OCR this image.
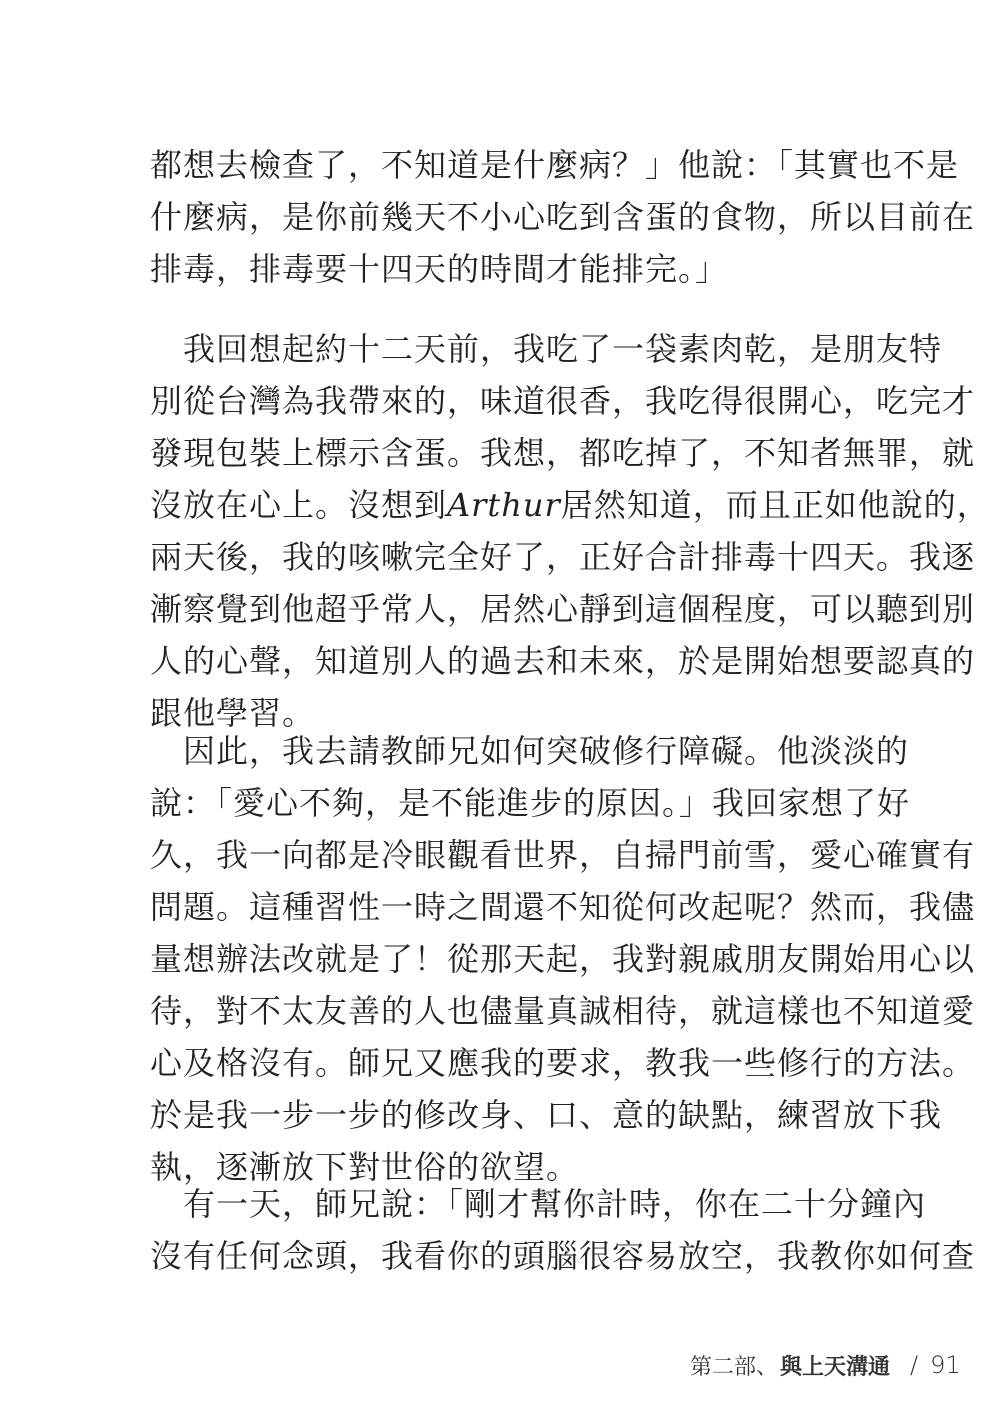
都想去檢查了，不知道是什麼病？」他說：「其實也不是
什麼病，是你前幾天不小心吃到含蛋的食物，所以目前在
排毒，排毒要十四天的時間才能排完。」
　我回想起約十二天前，我吃了一袋素肉乾，是朋友特
別從台灣為我帶來的，味道很香，我吃得很開心，吃完才
發現包裝上標示含蛋。我想，都吃掉了，不知者無罪，就
沒放在心上。沒想到Arthur居然知道，而且正如他說的，
兩天後，我的咳嗽完全好了，正好合計排毒十四天。我逐
漸察覺到他超乎常人，居然心靜到這個程度，可以聽到別
人的心聲，知道別人的過去和未來，於是開始想要認真的
跟他學習。
　因此，我去請教師兄如何突破修行障礙。他淡淡的
說：「愛心不夠，是不能進步的原因。」我回家想了好
久，我一向都是冷眼觀看世界，自掃門前雪，愛心確實有
問題。這種習性一時之間還不知從何改起呢？然而，我儘
量想辦法改就是了！從那天起，我對親戚朋友開始用心以
待，對不太友善的人也儘量真誠相待，就這樣也不知道愛
心及格沒有。師兄又應我的要求，教我一些修行的方法。
於是我一步一步的修改身、口、意的缺點，練習放下我
執，逐漸放下對世俗的欲望。
　有一天，師兄說：「剛才幫你計時，你在二十分鐘內
沒有任何念頭，我看你的頭腦很容易放空，我教你如何查
第二部、 與上天溝通 / 91
